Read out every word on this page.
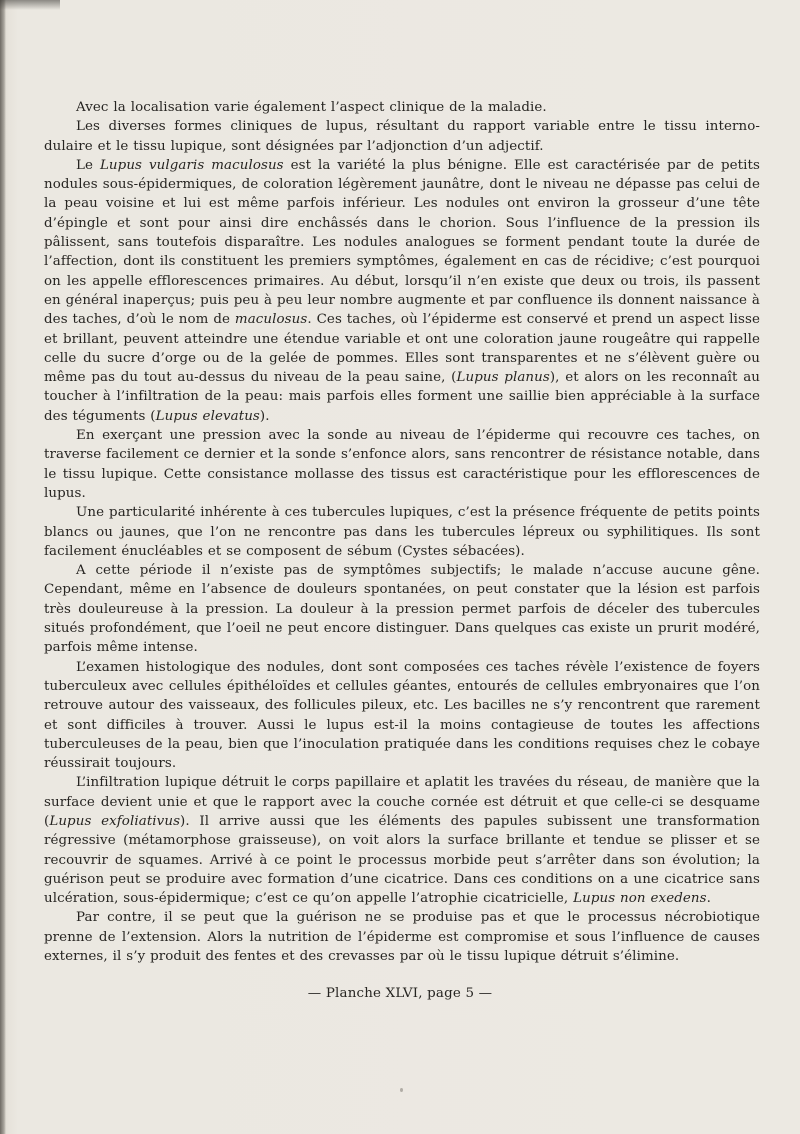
Avec la localisation varie également l’aspect clinique de la maladie.

Les diverses formes cliniques de lupus, résultant du rapport variable entre le tissu interno-dulaire et le tissu lupique, sont désignées par l’adjonction d’un adjectif.

Le Lupus vulgaris maculosus est la variété la plus bénigne. Elle est caractérisée par de petits nodules sous-épidermiques, de coloration légèrement jaunâtre, dont le niveau ne dépasse pas celui de la peau voisine et lui est même parfois inférieur. Les nodules ont environ la grosseur d’une tête d’épingle et sont pour ainsi dire enchâssés dans le chorion. Sous l’influence de la pression ils pâlissent, sans toutefois disparaître. Les nodules analogues se forment pendant toute la durée de l’affection, dont ils constituent les premiers symptômes, également en cas de récidive; c’est pourquoi on les appelle efflorescences primaires. Au début, lorsqu’il n’en existe que deux ou trois, ils passent en général inaperçus; puis peu à peu leur nombre augmente et par confluence ils donnent naissance à des taches, d’où le nom de maculosus. Ces taches, où l’épiderme est conservé et prend un aspect lisse et brillant, peuvent atteindre une étendue variable et ont une coloration jaune rougeâtre qui rappelle celle du sucre d’orge ou de la gelée de pommes. Elles sont transparentes et ne s’élèvent guère ou même pas du tout au-dessus du niveau de la peau saine, (Lupus planus), et alors on les reconnaît au toucher à l’infiltration de la peau: mais parfois elles forment une saillie bien appréciable à la surface des téguments (Lupus elevatus).

En exerçant une pression avec la sonde au niveau de l’épiderme qui recouvre ces taches, on traverse facilement ce dernier et la sonde s’enfonce alors, sans rencontrer de résistance notable, dans le tissu lupique. Cette consistance mollasse des tissus est caractéristique pour les efflorescences de lupus.

Une particularité inhérente à ces tubercules lupiques, c’est la présence fréquente de petits points blancs ou jaunes, que l’on ne rencontre pas dans les tubercules lépreux ou syphilitiques. Ils sont facilement énucléables et se composent de sébum (Cystes sébacées).

A cette période il n’existe pas de symptômes subjectifs; le malade n’accuse aucune gêne. Cependant, même en l’absence de douleurs spontanées, on peut constater que la lésion est parfois très douleureuse à la pression. La douleur à la pression permet parfois de déceler des tubercules situés profondément, que l’oeil ne peut encore distinguer. Dans quelques cas existe un prurit modéré, parfois même intense.

L’examen histologique des nodules, dont sont composées ces taches révèle l’existence de foyers tuberculeux avec cellules épithéloïdes et cellules géantes, entourés de cellules embryonaires que l’on retrouve autour des vaisseaux, des follicules pileux, etc. Les bacilles ne s’y rencontrent que rarement et sont difficiles à trouver. Aussi le lupus est-il la moins contagieuse de toutes les affections tuberculeuses de la peau, bien que l’inoculation pratiquée dans les conditions requises chez le cobaye réussirait toujours.

L’infiltration lupique détruit le corps papillaire et aplatit les travées du réseau, de manière que la surface devient unie et que le rapport avec la couche cornée est détruit et que celle-ci se desquame (Lupus exfoliativus). Il arrive aussi que les éléments des papules subissent une transformation régressive (métamorphose graisseuse), on voit alors la surface brillante et tendue se plisser et se recouvrir de squames. Arrivé à ce point le processus morbide peut s’arrêter dans son évolution; la guérison peut se produire avec formation d’une cicatrice. Dans ces conditions on a une cicatrice sans ulcération, sous-épidermique; c’est ce qu’on appelle l’atrophie cicatricielle, Lupus non exedens.

Par contre, il se peut que la guérison ne se produise pas et que le processus nécrobiotique prenne de l’extension. Alors la nutrition de l’épiderme est compromise et sous l’influence de causes externes, il s’y produit des fentes et des crevasses par où le tissu lupique détruit s’élimine.

— Planche XLVI, page 5 —
